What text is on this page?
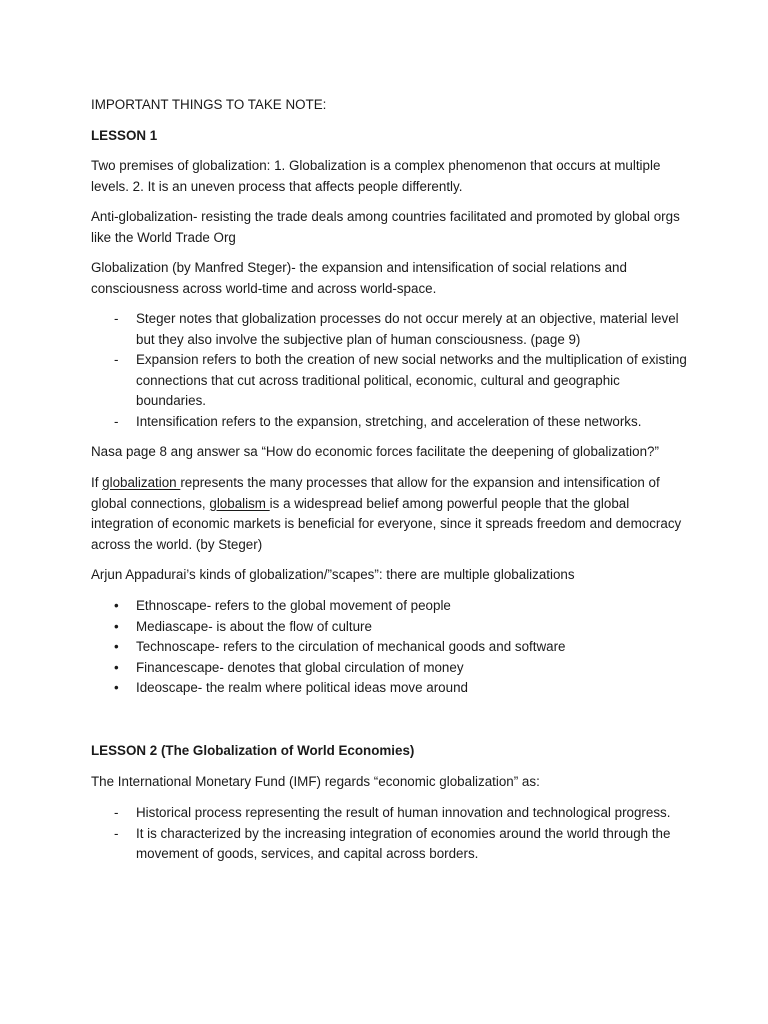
IMPORTANT THINGS TO TAKE NOTE:

LESSON 1

Two premises of globalization: 1. Globalization is a complex phenomenon that occurs at multiple levels. 2. It is an uneven process that affects people differently.

Anti-globalization- resisting the trade deals among countries facilitated and promoted by global orgs like the World Trade Org

Globalization (by Manfred Steger)- the expansion and intensification of social relations and consciousness across world-time and across world-space.

- Steger notes that globalization processes do not occur merely at an objective, material level but they also involve the subjective plan of human consciousness. (page 9)
- Expansion refers to both the creation of new social networks and the multiplication of existing connections that cut across traditional political, economic, cultural and geographic boundaries.
- Intensification refers to the expansion, stretching, and acceleration of these networks.

Nasa page 8 ang answer sa “How do economic forces facilitate the deepening of globalization?”

If globalization represents the many processes that allow for the expansion and intensification of global connections, globalism is a widespread belief among powerful people that the global integration of economic markets is beneficial for everyone, since it spreads freedom and democracy across the world. (by Steger)

Arjun Appadurai’s kinds of globalization/”scapes”: there are multiple globalizations

• Ethnoscape- refers to the global movement of people
• Mediascape- is about the flow of culture
• Technoscape- refers to the circulation of mechanical goods and software
• Financescape- denotes that global circulation of money
• Ideoscape- the realm where political ideas move around

LESSON 2 (The Globalization of World Economies)

The International Monetary Fund (IMF) regards “economic globalization” as:

- Historical process representing the result of human innovation and technological progress.
- It is characterized by the increasing integration of economies around the world through the movement of goods, services, and capital across borders.
